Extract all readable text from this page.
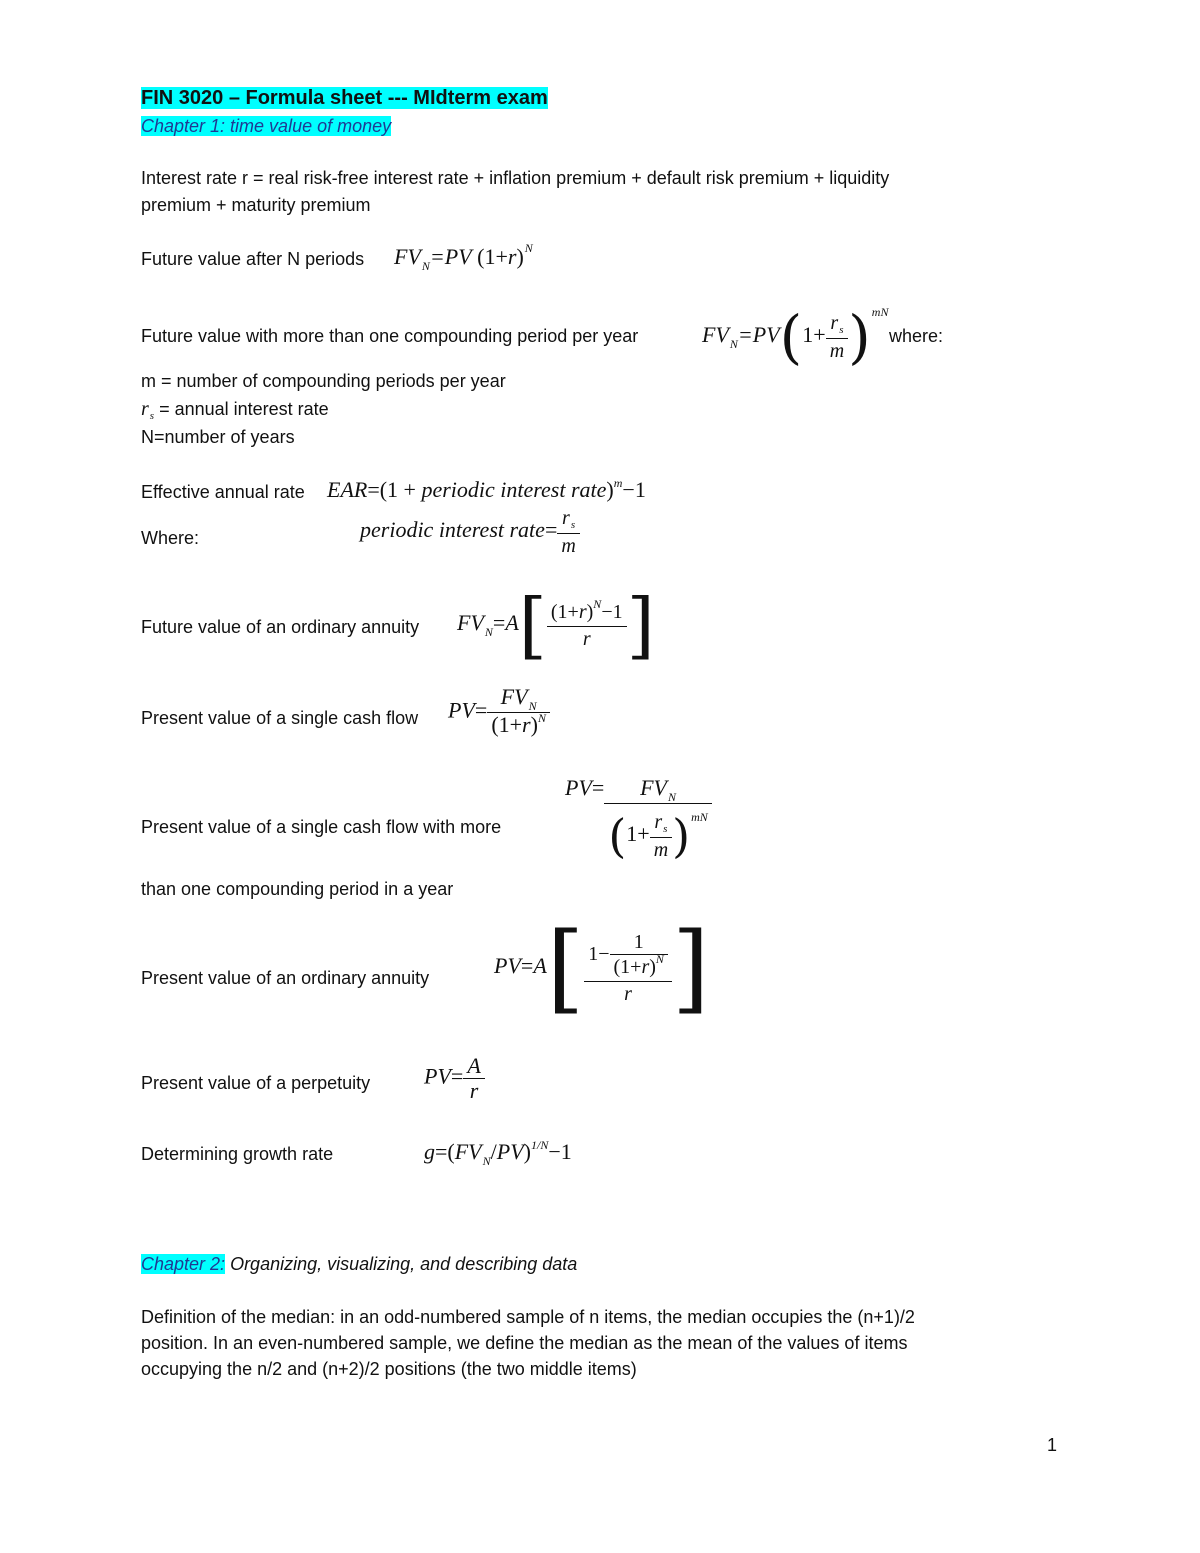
FIN 3020 – Formula sheet --- MIdterm exam
Chapter 1: time value of money
Interest rate r = real risk-free interest rate + inflation premium + default risk premium + liquidity
premium + maturity premium
Future value after N periods $FV_N=PV$ $(1+r)^N$
Future value with more than one compounding period per year	$FV_N=PV(1+ \frac{r_s}{m} )^{mN}$
where:
m = number of compounding periods per year
$r_s$ = annual interest rate
N=number of years
Effective annual rate EAR=(1 + periodic interest rate)$^m$−1
Where:	periodic interest rate= $\frac{r_s}{m}$
Future value of an ordinary annuity $FV_N=A[ \frac{(1+r)^N-1}{r}$ ]
Present value of a single cash flow $PV= \frac{FV_N}{(1+r)^N}$
Present value of a single cash flow with more
than one compounding period in a year
$PV= \frac{FV_N}{(1+ \frac{r_s}{m} )^{mN}}$
Present value of an ordinary annuity	$PV=A[ \frac{1- \frac{1}{(1+r)^N}}{r}$ ]
Present value of a perpetuity $PV= \frac{A}{r}$
Determining growth rate	$g=(FV_N/PV)^{1/N}-1$
Chapter 2: Organizing, visualizing, and describing data
Definition of the median: in an odd-numbered sample of n items, the median occupies the (n+1)/2
position. In an even-numbered sample, we define the median as the mean of the values of items
occupying the n/2 and (n+2)/2 positions (the two middle items)
1
